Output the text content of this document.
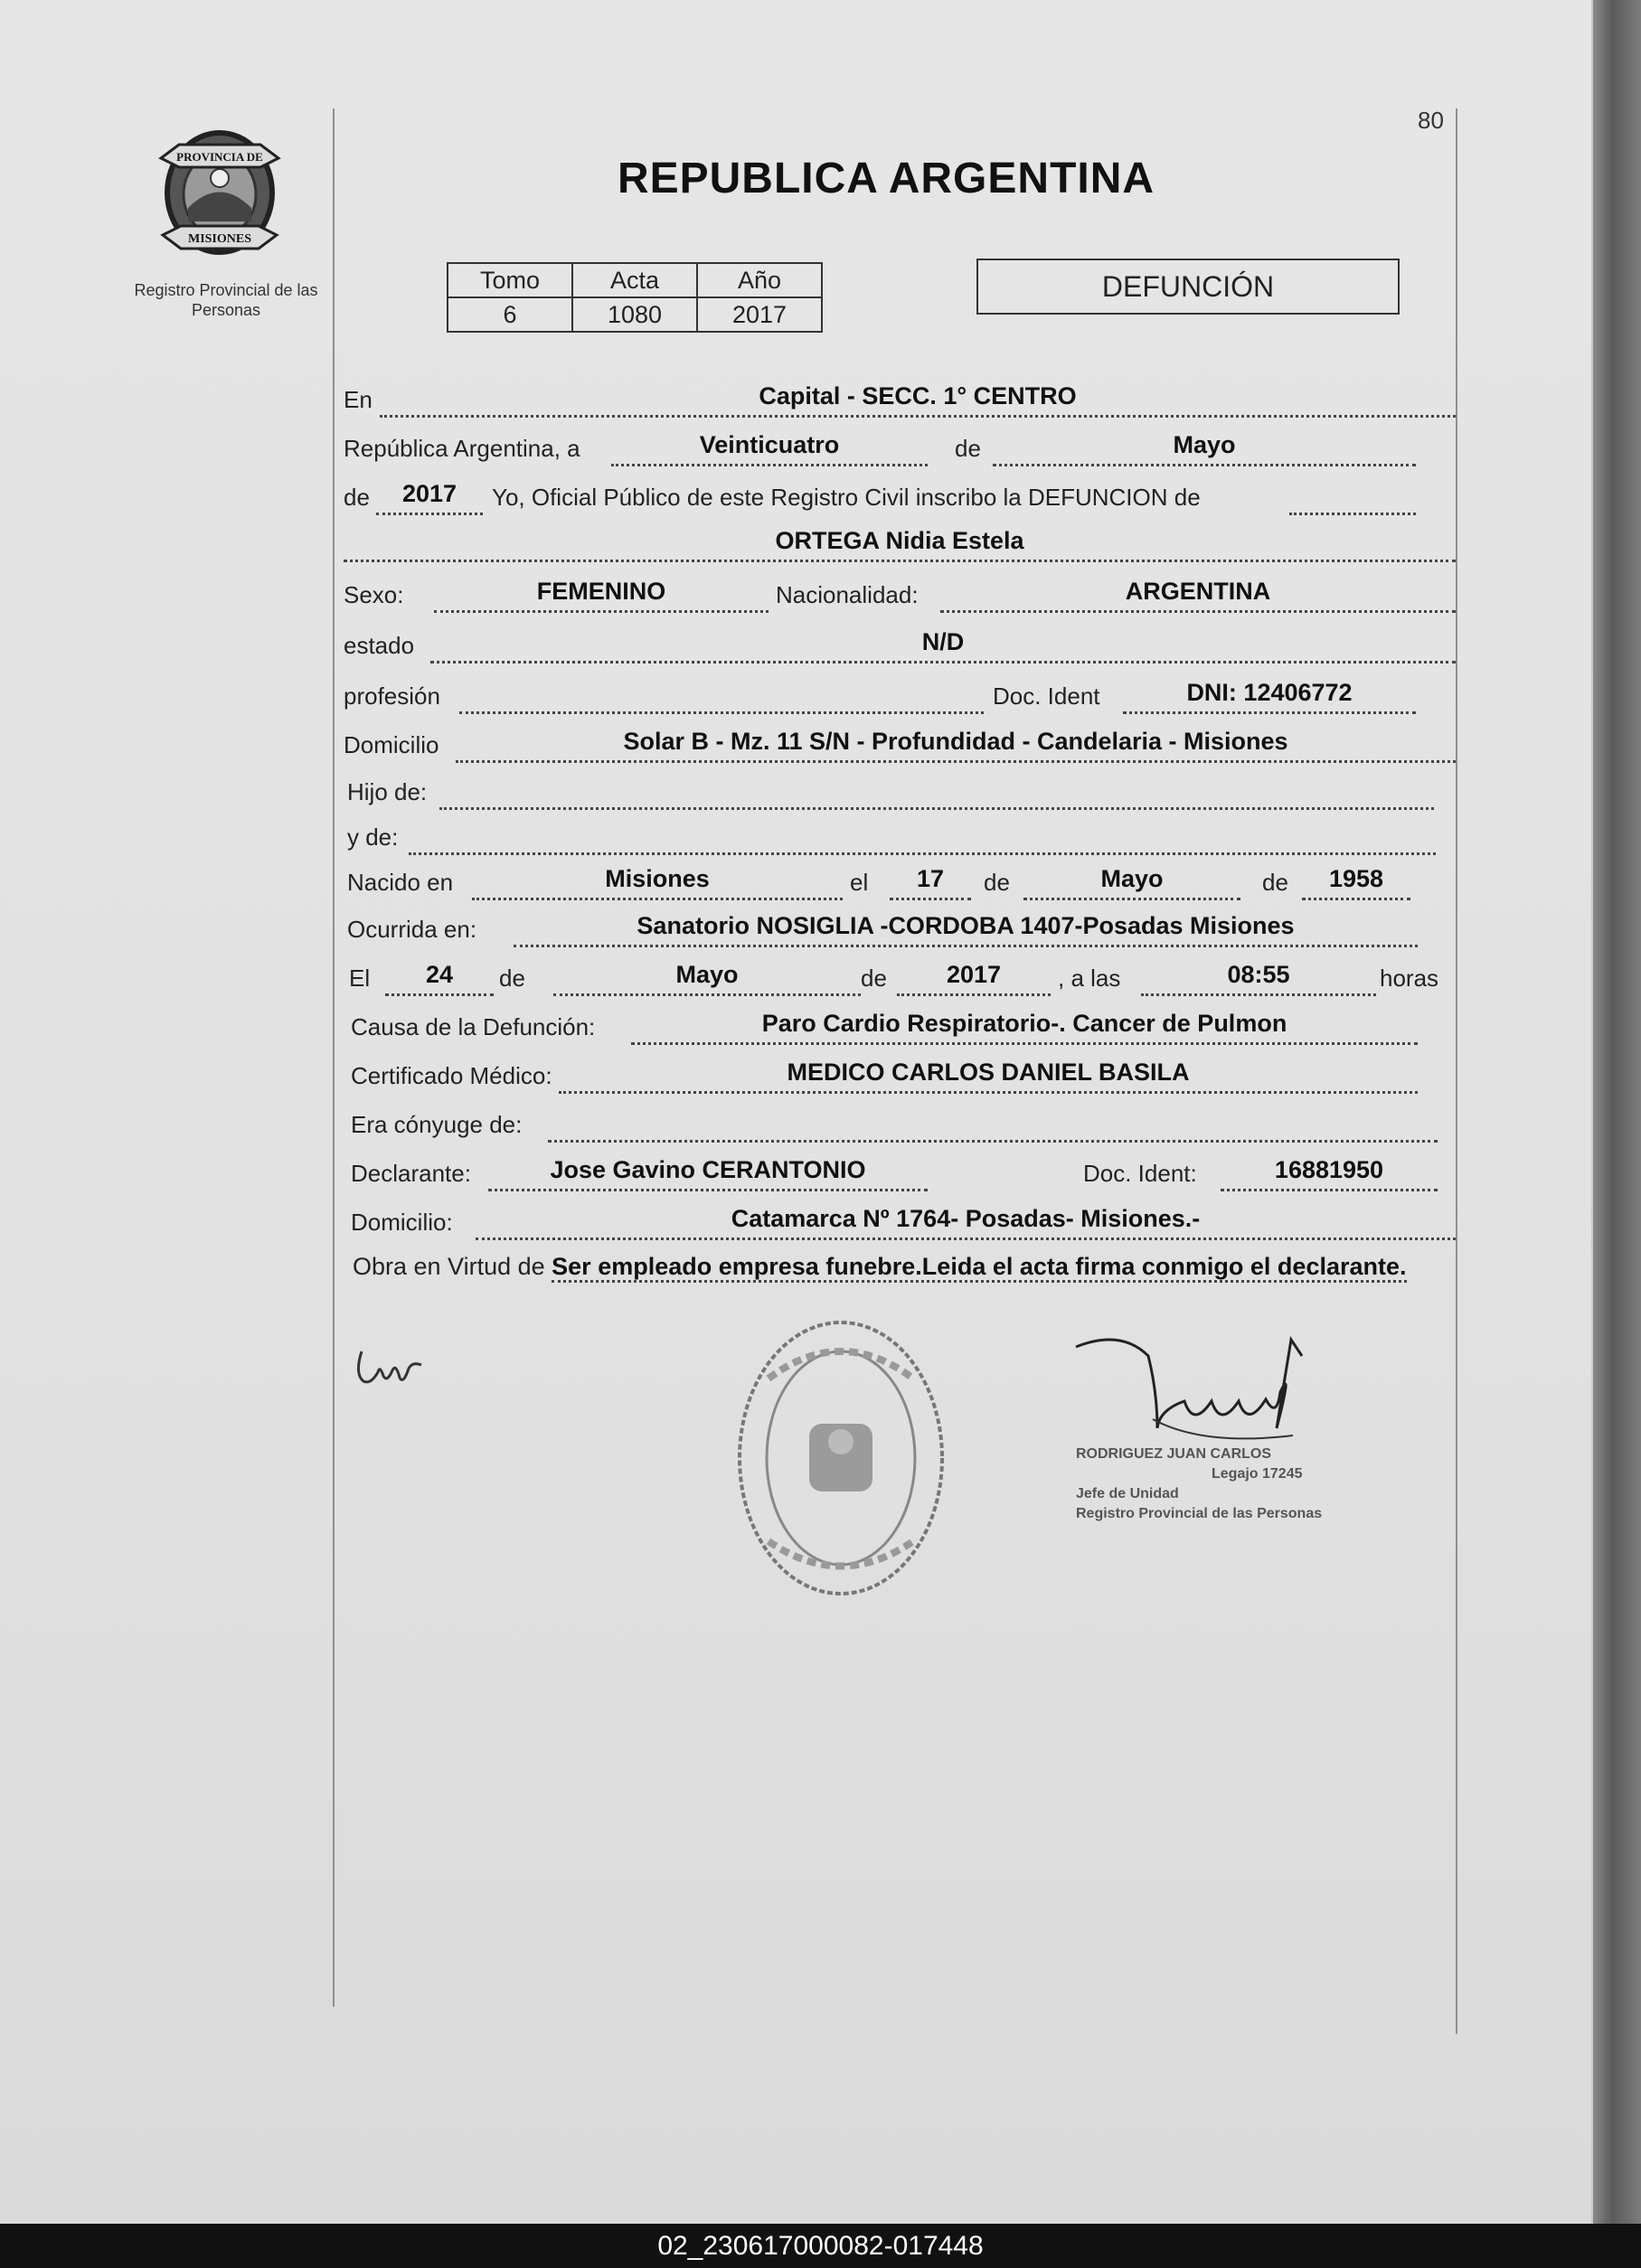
80
PROVINCIA DE
MISIONES
Registro Provincial de las Personas
REPUBLICA ARGENTINA
Tomo	Acta	Año
6	1080	2017
DEFUNCIÓN
En	Capital - SECC. 1° CENTRO
República Argentina, a	Veinticuatro	de	Mayo
de	2017	Yo, Oficial Público de este Registro Civil inscribo la DEFUNCION de
ORTEGA Nidia Estela
Sexo:	FEMENINO	Nacionalidad:	ARGENTINA
estado	N/D
profesión	Doc. Ident	DNI: 12406772
Domicilio	Solar B - Mz. 11 S/N - Profundidad - Candelaria - Misiones
Hijo de:
y de:
Nacido en	Misiones	el	17	de	Mayo	de	1958
Ocurrida en:	Sanatorio NOSIGLIA -CORDOBA 1407-Posadas Misiones
El	24	de	Mayo	de	2017	, a las	08:55	horas
Causa de la Defunción:	Paro Cardio Respiratorio-. Cancer de Pulmon
Certificado Médico:	MEDICO CARLOS DANIEL BASILA
Era cónyuge de:
Declarante:	Jose Gavino CERANTONIO	Doc. Ident:	16881950
Domicilio:	Catamarca Nº 1764- Posadas- Misiones.-
Obra en Virtud de Ser empleado empresa funebre.Leida el acta firma conmigo el declarante.
RODRIGUEZ JUAN CARLOS
Legajo 17245
Jefe de Unidad
Registro Provincial de las Personas
02_230617000082-017448
